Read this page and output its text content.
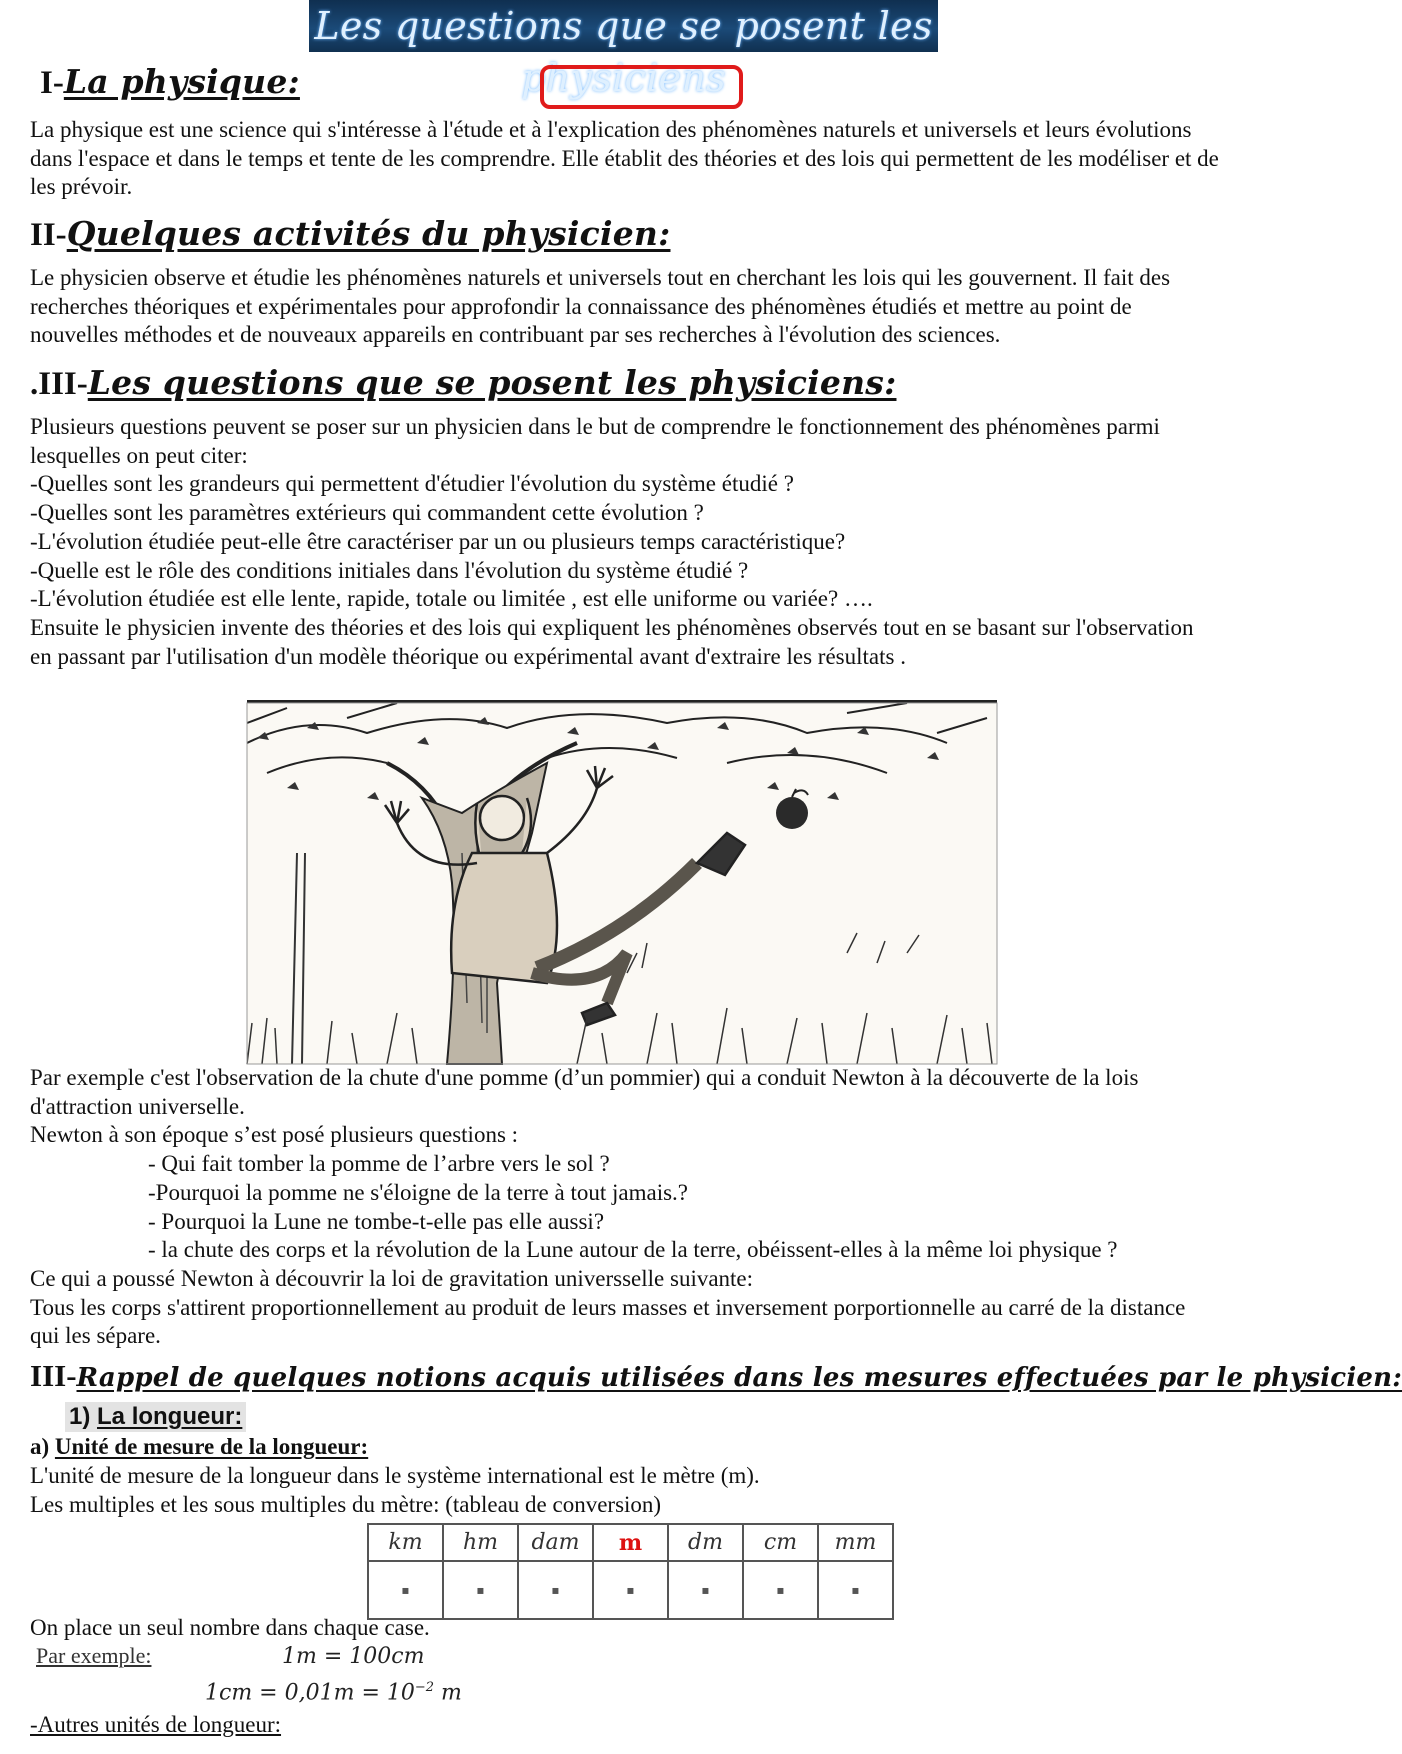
Les questions que se posent les physiciens
I-La physique:
La physique est une science qui s'intéresse à l'étude et à l'explication des phénomènes naturels et universels et leurs évolutions dans l'espace et dans le temps et tente de les comprendre. Elle établit des théories et des lois qui permettent de les modéliser et de les prévoir.
II-Quelques activités du physicien:
Le physicien observe et étudie les phénomènes naturels et universels tout en cherchant les lois qui les gouvernent. Il fait des recherches théoriques et expérimentales pour approfondir la connaissance des phénomènes étudiés et mettre au point de nouvelles méthodes et de nouveaux appareils en contribuant par ses recherches à l'évolution des sciences.
.III-Les questions que se posent les physiciens:
Plusieurs questions peuvent se poser sur un physicien dans le but de comprendre le fonctionnement des phénomènes parmi lesquelles on peut citer:
-Quelles sont les grandeurs qui permettent d'étudier l'évolution du système étudié ?
-Quelles sont les paramètres extérieurs qui commandent cette évolution ?
-L'évolution étudiée peut-elle être caractériser par un ou plusieurs temps caractéristique?
-Quelle est le rôle des conditions initiales dans l'évolution du système étudié ?
-L'évolution étudiée est elle lente, rapide, totale ou limitée , est elle uniforme ou variée? ….
Ensuite le physicien invente des théories et des lois qui expliquent les phénomènes observés tout en se basant sur l'observation en passant par l'utilisation d'un modèle théorique ou expérimental avant d'extraire les résultats .
Par exemple c'est l'observation de la chute d'une pomme (d’un pommier) qui a conduit Newton à la découverte de la lois d'attraction universelle.
Newton à son époque s’est posé plusieurs questions :
- Qui fait tomber la pomme de l’arbre vers le sol ?
-Pourquoi la pomme ne s'éloigne de la terre à tout jamais.?
- Pourquoi la Lune ne tombe-t-elle pas elle aussi?
- la chute des corps et la révolution de la Lune autour de la terre, obéissent-elles à la même loi physique ?
Ce qui a poussé Newton à découvrir la loi de gravitation universselle suivante:
Tous les corps s'attirent proportionnellement au produit de leurs masses et inversement porportionnelle au carré de la distance qui les sépare.
III-Rappel de quelques notions acquis utilisées dans les mesures effectuées par le physicien:
1) La longueur:
a) Unité de mesure de la longueur:
L'unité de mesure de la longueur dans le système international est le mètre (m).
Les multiples et les sous multiples du mètre: (tableau de conversion)
km	hm	dam	m	dm	cm	mm
▪	▪	▪	▪	▪	▪	▪
On place un seul nombre dans chaque case.
Par exemple:	1m = 100cm
$1cm = 0,01m = 10^{-2}$ m
-Autres unités de longueur:
